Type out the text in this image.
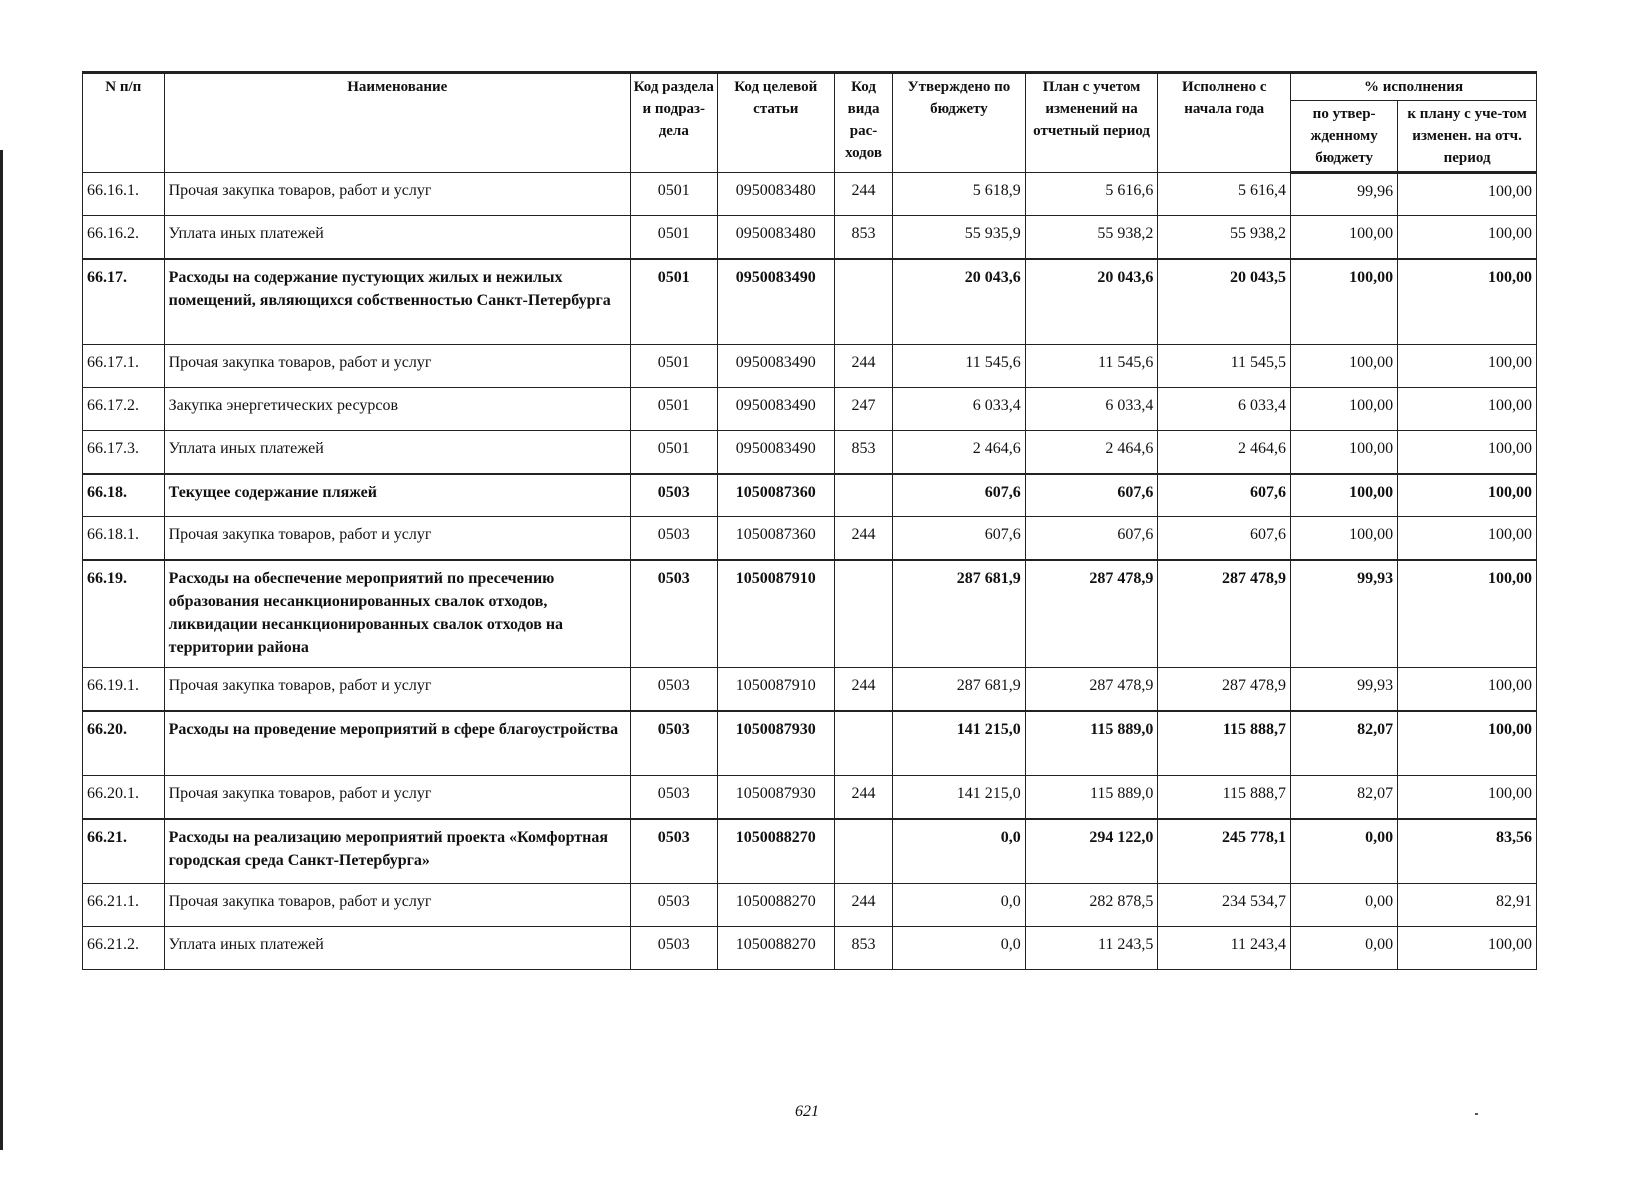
N п/п	Наименование	Код раздела и подраз-дела	Код целевой статьи	Код вида рас-ходов	Утверждено по бюджету	План с учетом изменений на отчетный период	Исполнено с начала года	% исполнения	
								по утвер-жденному бюджету	к плану с уче-том изменен. на отч. период
66.16.1.	Прочая закупка товаров, работ и услуг	0501	0950083480	244	5 618,9	5 616,6	5 616,4	99,96	100,00
66.16.2.	Уплата иных платежей	0501	0950083480	853	55 935,9	55 938,2	55 938,2	100,00	100,00
66.17.	Расходы на содержание пустующих жилых и нежилых помещений, являющихся собственностью Санкт-Петербурга	0501	0950083490		20 043,6	20 043,6	20 043,5	100,00	100,00
66.17.1.	Прочая закупка товаров, работ и услуг	0501	0950083490	244	11 545,6	11 545,6	11 545,5	100,00	100,00
66.17.2.	Закупка энергетических ресурсов	0501	0950083490	247	6 033,4	6 033,4	6 033,4	100,00	100,00
66.17.3.	Уплата иных платежей	0501	0950083490	853	2 464,6	2 464,6	2 464,6	100,00	100,00
66.18.	Текущее содержание пляжей	0503	1050087360		607,6	607,6	607,6	100,00	100,00
66.18.1.	Прочая закупка товаров, работ и услуг	0503	1050087360	244	607,6	607,6	607,6	100,00	100,00
66.19.	Расходы на обеспечение мероприятий по пресечению образования несанкционированных свалок отходов, ликвидации несанкционированных свалок отходов на территории района	0503	1050087910		287 681,9	287 478,9	287 478,9	99,93	100,00
66.19.1.	Прочая закупка товаров, работ и услуг	0503	1050087910	244	287 681,9	287 478,9	287 478,9	99,93	100,00
66.20.	Расходы на проведение мероприятий в сфере благоустройства	0503	1050087930		141 215,0	115 889,0	115 888,7	82,07	100,00
66.20.1.	Прочая закупка товаров, работ и услуг	0503	1050087930	244	141 215,0	115 889,0	115 888,7	82,07	100,00
66.21.	Расходы на реализацию мероприятий проекта «Комфортная городская среда Санкт-Петербурга»	0503	1050088270		0,0	294 122,0	245 778,1	0,00	83,56
66.21.1.	Прочая закупка товаров, работ и услуг	0503	1050088270	244	0,0	282 878,5	234 534,7	0,00	82,91
66.21.2.	Уплата иных платежей	0503	1050088270	853	0,0	11 243,5	11 243,4	0,00	100,00
621
